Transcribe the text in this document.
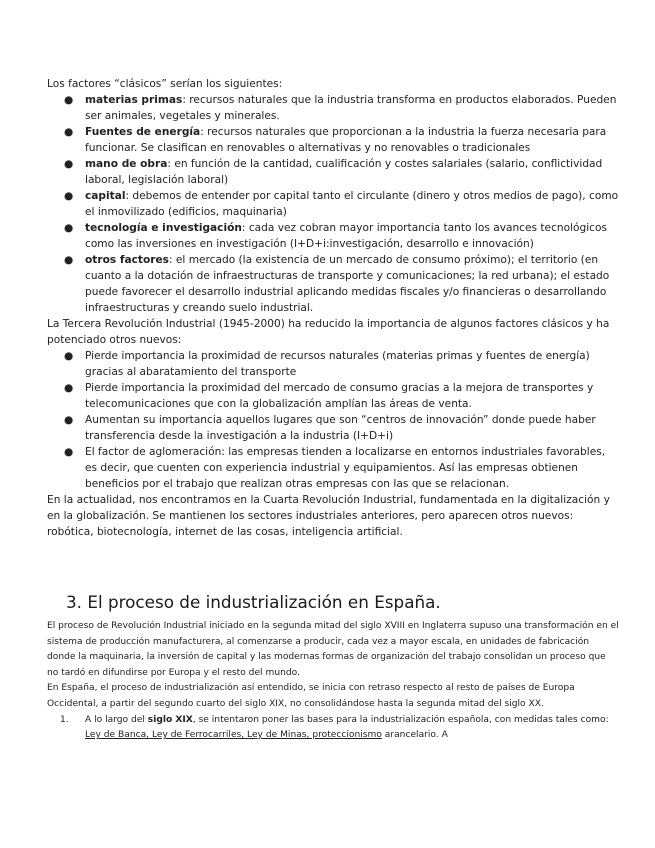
Los factores “clásicos” serían los siguientes:

● materias primas: recursos naturales que la industria transforma en productos elaborados. Pueden ser animales, vegetales y minerales.
● Fuentes de energía: recursos naturales que proporcionan a la industria la fuerza necesaria para funcionar. Se clasifican en renovables o alternativas y no renovables o tradicionales
● mano de obra: en función de la cantidad, cualificación y costes salariales (salario, conflictividad laboral, legislación laboral)
● capital: debemos de entender por capital tanto el circulante (dinero y otros medios de pago), como el inmovilizado (edificios, maquinaria)
● tecnología e investigación: cada vez cobran mayor importancia tanto los avances tecnológicos como las inversiones en investigación (I+D+i:investigación, desarrollo e innovación)
● otros factores: el mercado (la existencia de un mercado de consumo próximo); el territorio (en cuanto a la dotación de infraestructuras de transporte y comunicaciones; la red urbana); el estado puede favorecer el desarrollo industrial aplicando medidas fiscales y/o financieras o desarrollando infraestructuras y creando suelo industrial.

La Tercera Revolución Industrial (1945-2000) ha reducido la importancia de algunos factores clásicos y ha potenciado otros nuevos:

● Pierde importancia la proximidad de recursos naturales (materias primas y fuentes de energía) gracias al abaratamiento del transporte
● Pierde importancia la proximidad del mercado de consumo gracias a la mejora de transportes y telecomunicaciones que con la globalización amplían las áreas de venta.
● Aumentan su importancia aquellos lugares que son “centros de innovación” donde puede haber transferencia desde la investigación a la industria (I+D+i)
● El factor de aglomeración: las empresas tienden a localizarse en entornos industriales favorables, es decir, que cuenten con experiencia industrial y equipamientos. Así las empresas obtienen beneficios por el trabajo que realizan otras empresas con las que se relacionan.

En la actualidad, nos encontramos en la Cuarta Revolución Industrial, fundamentada en la digitalización y en la globalización. Se mantienen los sectores industriales anteriores, pero aparecen otros nuevos: robótica, biotecnología, internet de las cosas, inteligencia artificial.

3. El proceso de industrialización en España.

El proceso de Revolución Industrial iniciado en la segunda mitad del siglo XVIII en Inglaterra supuso una transformación en el sistema de producción manufacturera, al comenzarse a producir, cada vez a mayor escala, en unidades de fabricación donde la maquinaria, la inversión de capital y las modernas formas de organización del trabajo consolidan un proceso que no tardó en difundirse por Europa y el resto del mundo.

En España, el proceso de industrialización así entendido, se inicia con retraso respecto al resto de países de Europa Occidental, a partir del segundo cuarto del siglo XIX, no consolidándose hasta la segunda mitad del siglo XX.

1. A lo largo del siglo XIX, se intentaron poner las bases para la industrialización española, con medidas tales como: Ley de Banca, Ley de Ferrocarriles, Ley de Minas, proteccionismo arancelario. A
